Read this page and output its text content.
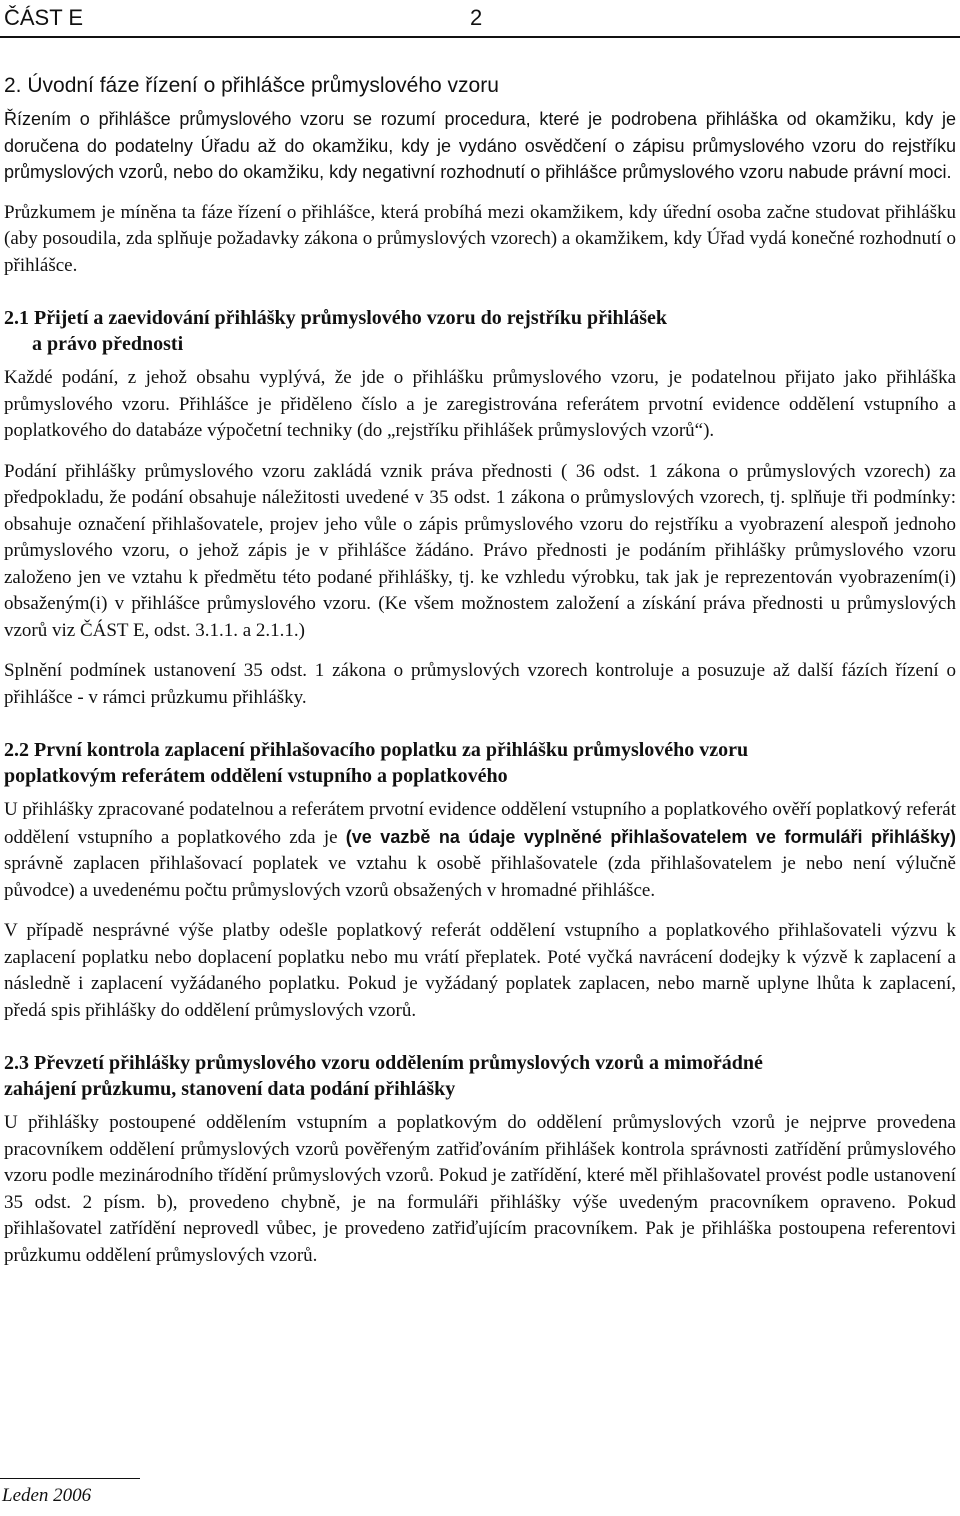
ČÁST E	2
2. Úvodní fáze řízení o přihlášce průmyslového vzoru

Řízením o přihlášce průmyslového vzoru se rozumí procedura, které je podrobena přihláška od okamžiku, kdy je doručena do podatelny Úřadu až do okamžiku, kdy je vydáno osvědčení o zápisu průmyslového vzoru do rejstříku průmyslových vzorů, nebo do okamžiku, kdy negativní rozhodnutí o přihlášce průmyslového vzoru nabude právní moci.

Průzkumem je míněna ta fáze řízení o přihlášce, která probíhá mezi okamžikem, kdy úřední osoba začne studovat přihlášku (aby posoudila, zda splňuje požadavky zákona o průmyslových vzorech) a okamžikem, kdy Úřad vydá konečné rozhodnutí o přihlášce.

2.1 Přijetí a zaevidování přihlášky průmyslového vzoru do rejstříku přihlášek
a právo přednosti

Každé podání, z jehož obsahu vyplývá, že jde o přihlášku průmyslového vzoru, je podatelnou přijato jako přihláška průmyslového vzoru. Přihlášce je přiděleno číslo a je zaregistrována referátem prvotní evidence oddělení vstupního a poplatkového do databáze výpočetní techniky (do „rejstříku přihlášek průmyslových vzorů“).

Podání přihlášky průmyslového vzoru zakládá vznik práva přednosti ( 36 odst. 1 zákona o průmyslových vzorech) za předpokladu, že podání obsahuje náležitosti uvedené v 35 odst. 1 zákona o průmyslových vzorech, tj. splňuje tři podmínky: obsahuje označení přihlašovatele, projev jeho vůle o zápis průmyslového vzoru do rejstříku a vyobrazení alespoň jednoho průmyslového vzoru, o jehož zápis je v přihlášce žádáno. Právo přednosti je podáním přihlášky průmyslového vzoru založeno jen ve vztahu k předmětu této podané přihlášky, tj. ke vzhledu výrobku, tak jak je reprezentován vyobrazením(i) obsaženým(i) v přihlášce průmyslového vzoru. (Ke všem možnostem založení a získání práva přednosti u průmyslových vzorů viz ČÁST E, odst. 3.1.1. a 2.1.1.)

Splnění podmínek ustanovení 35 odst. 1 zákona o průmyslových vzorech kontroluje a posuzuje až další fázích řízení o přihlášce - v rámci průzkumu přihlášky.

2.2 První kontrola zaplacení přihlašovacího poplatku za přihlášku průmyslového vzoru
poplatkovým referátem oddělení vstupního a poplatkového

U přihlášky zpracované podatelnou a referátem prvotní evidence oddělení vstupního a poplatkového ověří poplatkový referát oddělení vstupního a poplatkového zda je (ve vazbě na údaje vyplněné přihlašovatelem ve formuláři přihlášky) správně zaplacen přihlašovací poplatek ve vztahu k osobě přihlašovatele (zda přihlašovatelem je nebo není výlučně původce) a uvedenému počtu průmyslových vzorů obsažených v hromadné přihlášce.

V případě nesprávné výše platby odešle poplatkový referát oddělení vstupního a poplatkového přihlašovateli výzvu k zaplacení poplatku nebo doplacení poplatku nebo mu vrátí přeplatek. Poté vyčká navrácení dodejky k výzvě k zaplacení a následně i zaplacení vyžádaného poplatku. Pokud je vyžádaný poplatek zaplacen, nebo marně uplyne lhůta k zaplacení, předá spis přihlášky do oddělení průmyslových vzorů.

2.3 Převzetí přihlášky průmyslového vzoru oddělením průmyslových vzorů a mimořádné
zahájení průzkumu, stanovení data podání přihlášky

U přihlášky postoupené oddělením vstupním a poplatkovým do oddělení průmyslových vzorů je nejprve provedena pracovníkem oddělení průmyslových vzorů pověřeným zatřiďováním přihlášek kontrola správnosti zatřídění průmyslového vzoru podle mezinárodního třídění průmyslových vzorů. Pokud je zatřídění, které měl přihlašovatel provést podle ustanovení 35 odst. 2 písm. b), provedeno chybně, je na formuláři přihlášky výše uvedeným pracovníkem opraveno. Pokud přihlašovatel zatřídění neprovedl vůbec, je provedeno zatřiďujícím pracovníkem. Pak je přihláška postoupena referentovi průzkumu oddělení průmyslových vzorů.

Leden 2006
